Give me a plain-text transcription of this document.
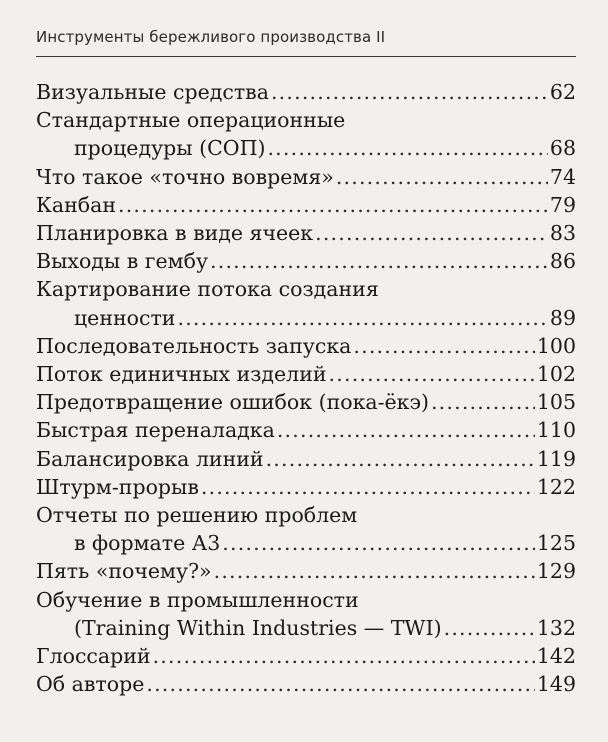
Инструменты бережливого производства II
Визуальные средства .....	62
Стандартные операционные
процедуры (СОП) .....	68
Что такое «точно вовремя» .....	74
Канбан .....	79
Планировка в виде ячеек .....	83
Выходы в гембу .....	86
Картирование потока создания
ценности .....	89
Последовательность запуска .....	100
Поток единичных изделий .....	102
Предотвращение ошибок (пока-ёкэ) .....	105
Быстрая переналадка .....	110
Балансировка линий .....	119
Штурм-прорыв .....	122
Отчеты по решению проблем
в формате А3 .....	125
Пять «почему?» .....	129
Обучение в промышленности
(Training Within Industries — TWI) .....	132
Глоссарий .....	142
Об авторе .....	149
